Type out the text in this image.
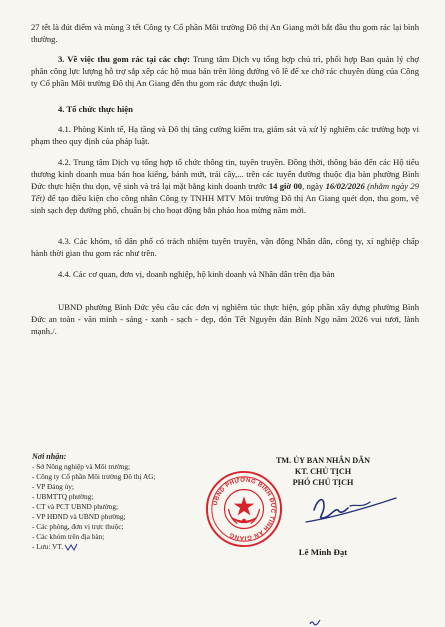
27 tết là đút điểm và mùng 3 tết Công ty Cổ phần Môi trường Đô thị An Giang mới bắt đầu thu gom rác lại bình thường.
3. Về việc thu gom rác tại các chợ: Trung tâm Dịch vụ tổng hợp chủ trì, phối hợp Ban quản lý chợ phân công lực lượng hỗ trợ sắp xếp các hộ mua bán trên lòng đường vô lề để xe chở rác chuyên dùng của Công ty Cổ phần Môi trường Đô thị An Giang đến thu gom rác được thuận lợi.
4. Tổ chức thực hiện
4.1. Phòng Kinh tế, Hạ tầng và Đô thị tăng cường kiểm tra, giám sát và xử lý nghiêm các trường hợp vi phạm theo quy định của pháp luật.
4.2. Trung tâm Dịch vụ tổng hợp tổ chức thông tin, tuyên truyền. Đồng thời, thông báo đến các Hộ tiểu thương kinh doanh mua bán hoa kiểng, bánh mứt, trái cây,... trên các tuyến đường thuộc địa bàn phường Bình Đức thực hiện thu dọn, vệ sinh và trả lại mặt bằng kinh doanh trước 14 giờ 00, ngày 16/02/2026 (nhằm ngày 29 Tết) để tạo điều kiện cho công nhân Công ty TNHH MTV Môi trường Đô thị An Giang quét dọn, thu gom, vệ sinh sạch đẹp đường phố, chuẩn bị cho hoạt động bắn pháo hoa mừng năm mới.
4.3. Các khóm, tổ dân phố có trách nhiệm tuyên truyền, vận động Nhân dân, công ty, xí nghiệp chấp hành thời gian thu gom rác như trên.
4.4. Các cơ quan, đơn vị, doanh nghiệp, hộ kinh doanh và Nhân dân trên địa bàn
UBND phường Bình Đức yêu cầu các đơn vị nghiêm túc thực hiện, góp phần xây dựng phường Bình Đức an toàn - văn minh - sáng - xanh - sạch - đẹp, đón Tết Nguyên đán Bính Ngọ năm 2026 vui tươi, lành mạnh./.
Nơi nhận:
- Sở Nông nghiệp và Môi trường;
- Công ty Cổ phần Môi trường Đô thị AG;
- VP Đảng ủy;
- UBMTTQ phường;
- CT và PCT UBND phường;
- VP HĐND và UBND phường;
- Các phòng, đơn vị trực thuộc;
- Các khóm trên địa bàn;
- Lưu: VT.
TM. ỦY BAN NHÂN DÂN
KT. CHỦ TỊCH
PHÓ CHỦ TỊCH
UBND PHƯỜNG BÌNH ĐỨC TỈNH AN GIANG
Lê Minh Đạt
